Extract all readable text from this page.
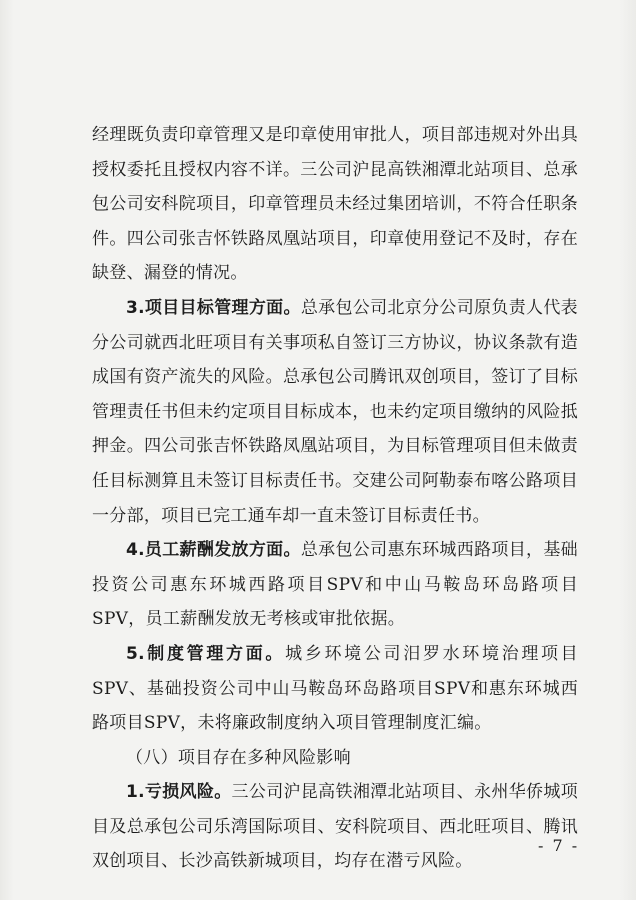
经理既负责印章管理又是印章使用审批人，项目部违规对外出具授权委托且授权内容不详。三公司沪昆高铁湘潭北站项目、总承包公司安科院项目，印章管理员未经过集团培训，不符合任职条件。四公司张吉怀铁路凤凰站项目，印章使用登记不及时，存在缺登、漏登的情况。

3.项目目标管理方面。总承包公司北京分公司原负责人代表分公司就西北旺项目有关事项私自签订三方协议，协议条款有造成国有资产流失的风险。总承包公司腾讯双创项目，签订了目标管理责任书但未约定项目目标成本，也未约定项目缴纳的风险抵押金。四公司张吉怀铁路凤凰站项目，为目标管理项目但未做责任目标测算且未签订目标责任书。交建公司阿勒泰布喀公路项目一分部，项目已完工通车却一直未签订目标责任书。

4.员工薪酬发放方面。总承包公司惠东环城西路项目，基础投资公司惠东环城西路项目SPV和中山马鞍岛环岛路项目SPV，员工薪酬发放无考核或审批依据。

5.制度管理方面。城乡环境公司汨罗水环境治理项目SPV、基础投资公司中山马鞍岛环岛路项目SPV和惠东环城西路项目SPV，未将廉政制度纳入项目管理制度汇编。

（八）项目存在多种风险影响

1.亏损风险。三公司沪昆高铁湘潭北站项目、永州华侨城项目及总承包公司乐湾国际项目、安科院项目、西北旺项目、腾讯双创项目、长沙高铁新城项目，均存在潜亏风险。

- 7 -
